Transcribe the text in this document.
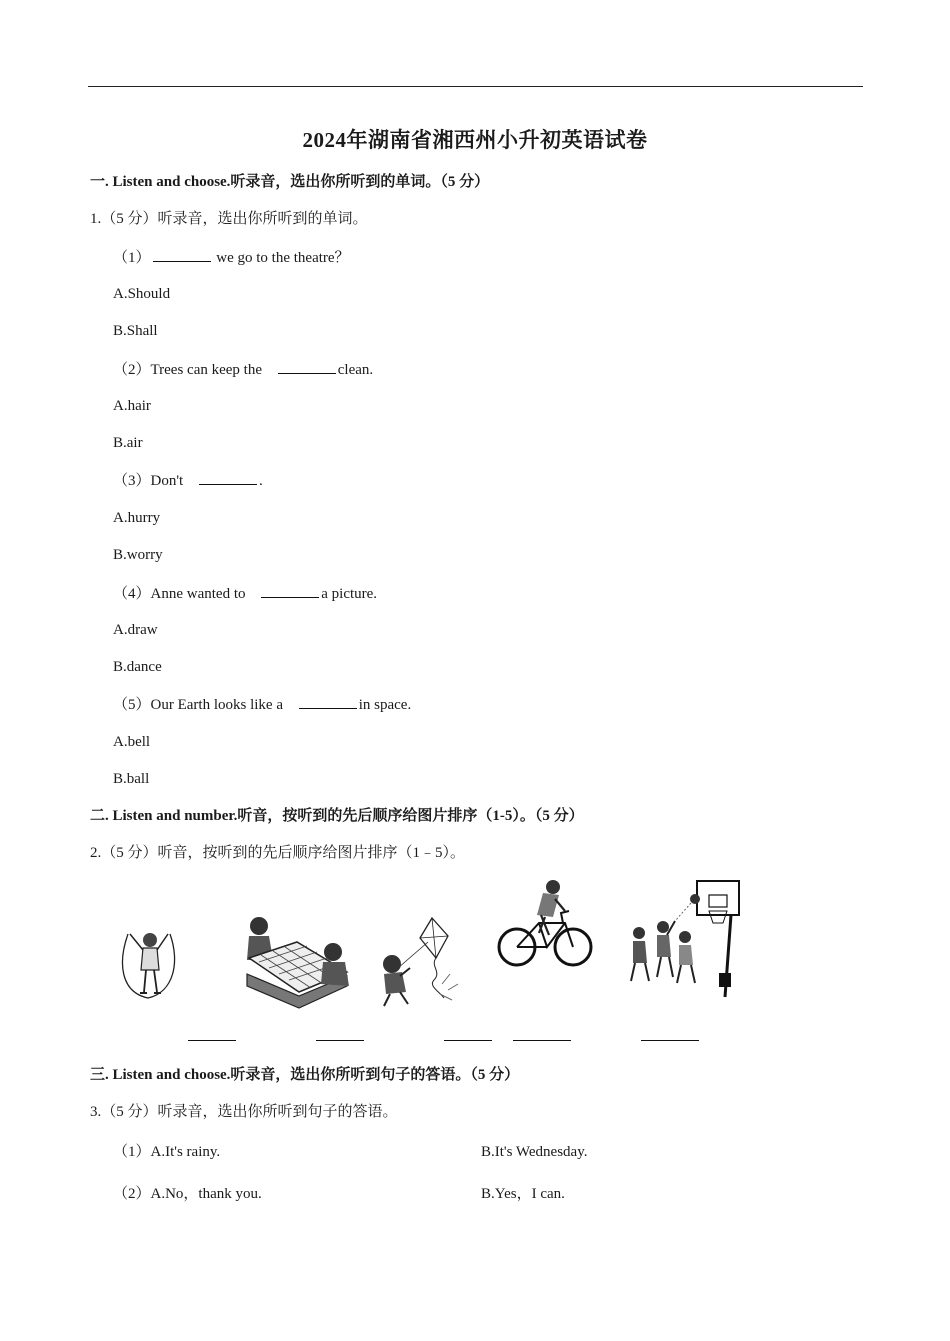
2024年湖南省湘西州小升初英语试卷
一. Listen and choose.听录音，选出你所听到的单词。（5 分）
1.（5 分）听录音，选出你所听到的单词。
（1）	we go to the theatre？
A.Should
B.Shall
（2）Trees can keep the	clean.
A.hair
B.air
（3）Don't	.
A.hurry
B.worry
（4）Anne wanted to	a picture.
A.draw
B.dance
（5）Our Earth looks like a	in space.
A.bell
B.ball
二. Listen and number.听音，按听到的先后顺序给图片排序（1-5）。（5 分）
2.（5 分）听音，按听到的先后顺序给图片排序（1﹣5）。
三. Listen and choose.听录音，选出你所听到句子的答语。（5 分）
3.（5 分）听录音，选出你所听到句子的答语。
（1）A.It's rainy.	B.It's Wednesday.
（2）A.No，thank you.	B.Yes，I can.
